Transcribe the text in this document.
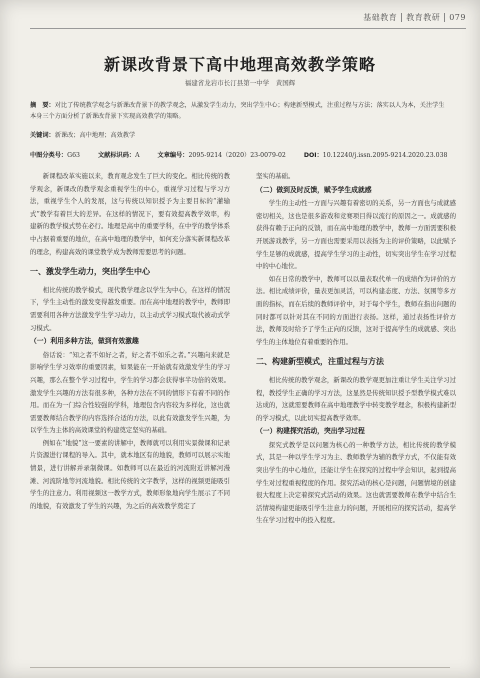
基础教育 教育教研 079
新课改背景下高中地理高效教学策略
福建省龙岩市长汀县第一中学　黄国辉
摘　要：对比了传统教学观念与新课改背景下的教学观念，从激发学生动力，突出学生中心；构建新型模式，注重过程与方法；落实以人为本，关注学生本身三个方面分析了新课改背景下实现高效教学的策略。
关键词：新课改；高中地理；高效教学
中图分类号：G63	文献标识码：A	文章编号：2095-9214（2020）23-0079-02	DOI：10.12240/j.issn.2095-9214.2020.23.038

新课程改革实施以来，教育观念发生了巨大的变化。相比传统的教学观念，新课改的教学观念重视学生的中心，重视学习过程与学习方法，重视学生个人的发展，这与传统以知识授予为主要目标的“灌输式”教学有着巨大的差异。在这样的情况下，要有效提高教学效率，构建新的教学模式势在必行。地理是高中的重要学科，在中学的教学体系中占据着重要的地位，在高中地理的教学中，如何充分落实新课程改革的理念，构建高效的课堂教学成为教师需要思考的问题。

一、激发学生动力，突出学生中心

相比传统的教学模式，现代教学理念以学生为中心，在这样的情况下，学生主动性的激发变得越发重要。而在高中地理的教学中，教师即需要利用各种方法激发学生学习动力，以主动式学习模式取代被动式学习模式。

（一）利用多种方法，做到有效激趣

俗话说：“知之者不如好之者，好之者不如乐之者。”兴趣向来就是影响学生学习效率的重要因素，如果能在一开始就有效激发学生的学习兴趣，那么在整个学习过程中，学生的学习都会获得事半功倍的效果。激发学生兴趣的方法有很多种，各种方法在不同的情形下有着不同的作用。而在为一门综合性较强的学科，地理包含内容较为多样化，这也就需要教师结合教学的内容选择合适的方法，以此有效激发学生兴趣，为以学生为主体的高效课堂的构建奠定坚实的基础。

例如在“地貌”这一要素的讲解中，教师就可以利用实景微课和记录片资源进行课程的导入。其中，就本地区有的地貌，教师可以展示实地情景，进行讲解并录制微课。如教师可以在最近的河流附近讲解河漫滩、河流阶地等河流地貌。相比传统的文字教学，这样的视频更能吸引学生的注意力。利用视频这一教学方式，教师形象地向学生展示了不同的地貌，有效激发了学生的兴趣，为之后的高效教学奠定了

坚实的基础。

（二）做到及时反馈，赋予学生成就感

学生的主动性一方面与兴趣有着密切的关系，另一方面也与成就感密切相关，这也是很多游戏和竞赛项目得以流行的原因之一。成就感的获得有赖于正向的反馈，而在高中地理的教学中，教师一方面需要积极开展游戏教学，另一方面也需要采用以表扬为主的评价策略，以此赋予学生足够的成就感，提高学生学习的主动性，切实突出学生在学习过程中的中心地位。

如在日常的教学中，教师可以以量表取代单一的成绩作为评价的方法。相比成绩评价，量表更加灵活，可以构建态度、方法、氛围等多方面的指标，而在后续的教师评价中，对于每个学生，教师在指出问题的同时都可以针对其在不同的方面进行表扬。这样，通过表扬性评价方法，教师及时给予了学生正向的反馈，这对于提高学生的成就感、突出学生的主体地位有着重要的作用。

二、构建新型模式，注重过程与方法

相比传统的教学观念，新课改的教学观更加注重让学生关注学习过程，教授学生正确的学习方法，这显然是传统知识授予型教学模式难以达成的，这就需要教师在高中地理教学中转变教学理念，积极构建新型的学习模式，以此切实提高教学效率。

（一）构建探究活动，突出学习过程

探究式教学是以问题为核心的一种教学方法，相比传统的教学模式，其是一种以学生学习为主、教师教学为辅的教学方式，不仅能有效突出学生的中心地位，还能让学生在探究的过程中学会知识，起到提高学生对过程重视程度的作用。探究活动的核心是问题，问题情境的创建很大程度上决定着探究式活动的效果。这也就需要教师在教学中结合生活情境构建更能吸引学生注意力的问题，开展相应的探究活动，提高学生在学习过程中的投入程度。
